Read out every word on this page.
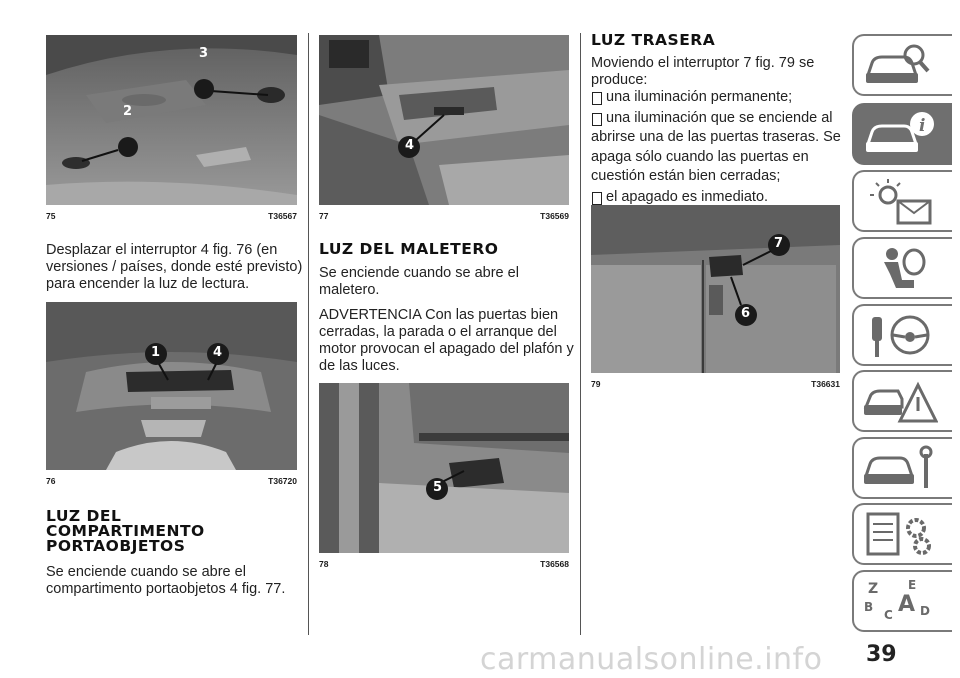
3
2
75	T36567
Desplazar el interruptor 4 fig. 76 (en
versiones / países, donde esté previsto)
para encender la luz de lectura.
1	4
76	T36720
LUZ DEL
COMPARTIMENTO
PORTAOBJETOS
Se enciende cuando se abre el
compartimento portaobjetos 4 fig. 77.
4
77	T36569
LUZ DEL MALETERO
Se enciende cuando se abre el
maletero.
ADVERTENCIA Con las puertas bien
cerradas, la parada o el arranque del
motor provocan el apagado del plafón y
de las luces.
5
78	T36568
LUZ TRASERA
Moviendo el interruptor 7 fig. 79 se
produce:
una iluminación permanente;
una iluminación que se enciende al
abrirse una de las puertas traseras. Se
apaga sólo cuando las puertas en
cuestión están bien cerradas;
el apagado es inmediato.
7
6
79	T36631
i
Z E
B
C D
A
39
carmanualsonline.info
